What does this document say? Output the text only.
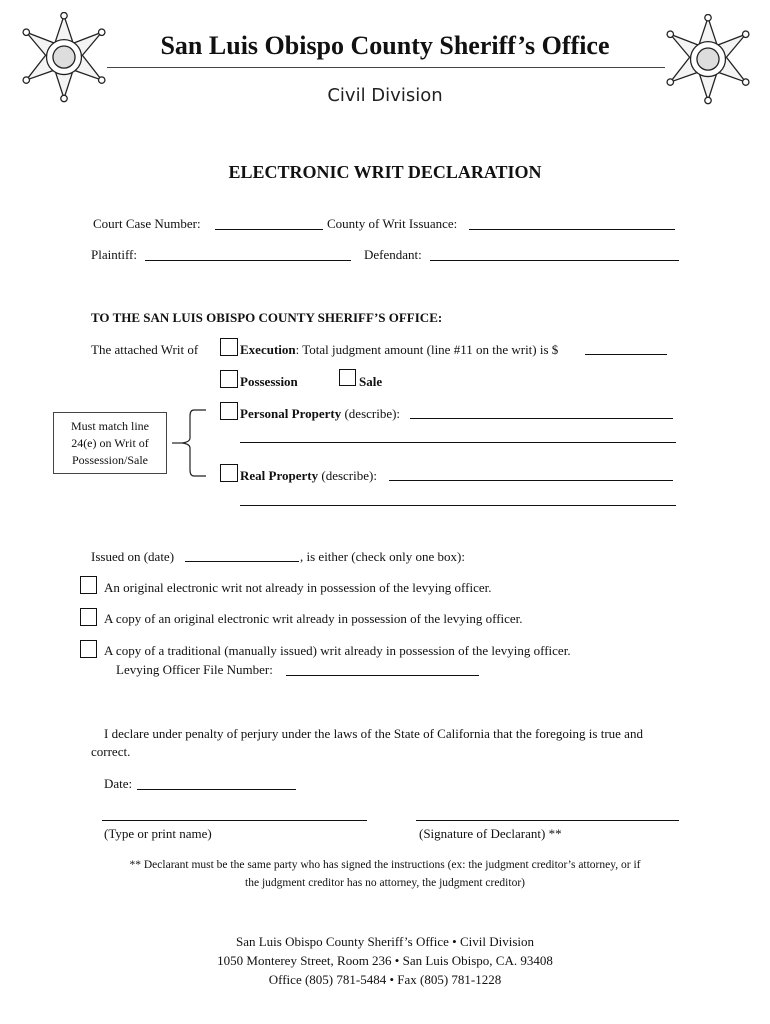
San Luis Obispo County Sheriff’s Office
Civil Division
ELECTRONIC WRIT DECLARATION
Court Case Number:	County of Writ Issuance:
Plaintiff:	Defendant:
TO THE SAN LUIS OBISPO COUNTY SHERIFF’S OFFICE:
The attached Writ of	Execution: Total judgment amount (line #11 on the writ) is $
Possession	Sale
Must match line
24(e) on Writ of
Possession/Sale
Personal Property (describe):
Real Property (describe):
Issued on (date)	, is either (check only one box):
An original electronic writ not already in possession of the levying officer.
A copy of an original electronic writ already in possession of the levying officer.
A copy of a traditional (manually issued) writ already in possession of the levying officer.
Levying Officer File Number:
I declare under penalty of perjury under the laws of the State of California that the foregoing is true and
correct.
Date:
(Type or print name)	(Signature of Declarant) **
** Declarant must be the same party who has signed the instructions (ex: the judgment creditor’s attorney, or if
the judgment creditor has no attorney, the judgment creditor)
San Luis Obispo County Sheriff’s Office • Civil Division
1050 Monterey Street, Room 236 • San Luis Obispo, CA. 93408
Office (805) 781-5484 • Fax (805) 781-1228
